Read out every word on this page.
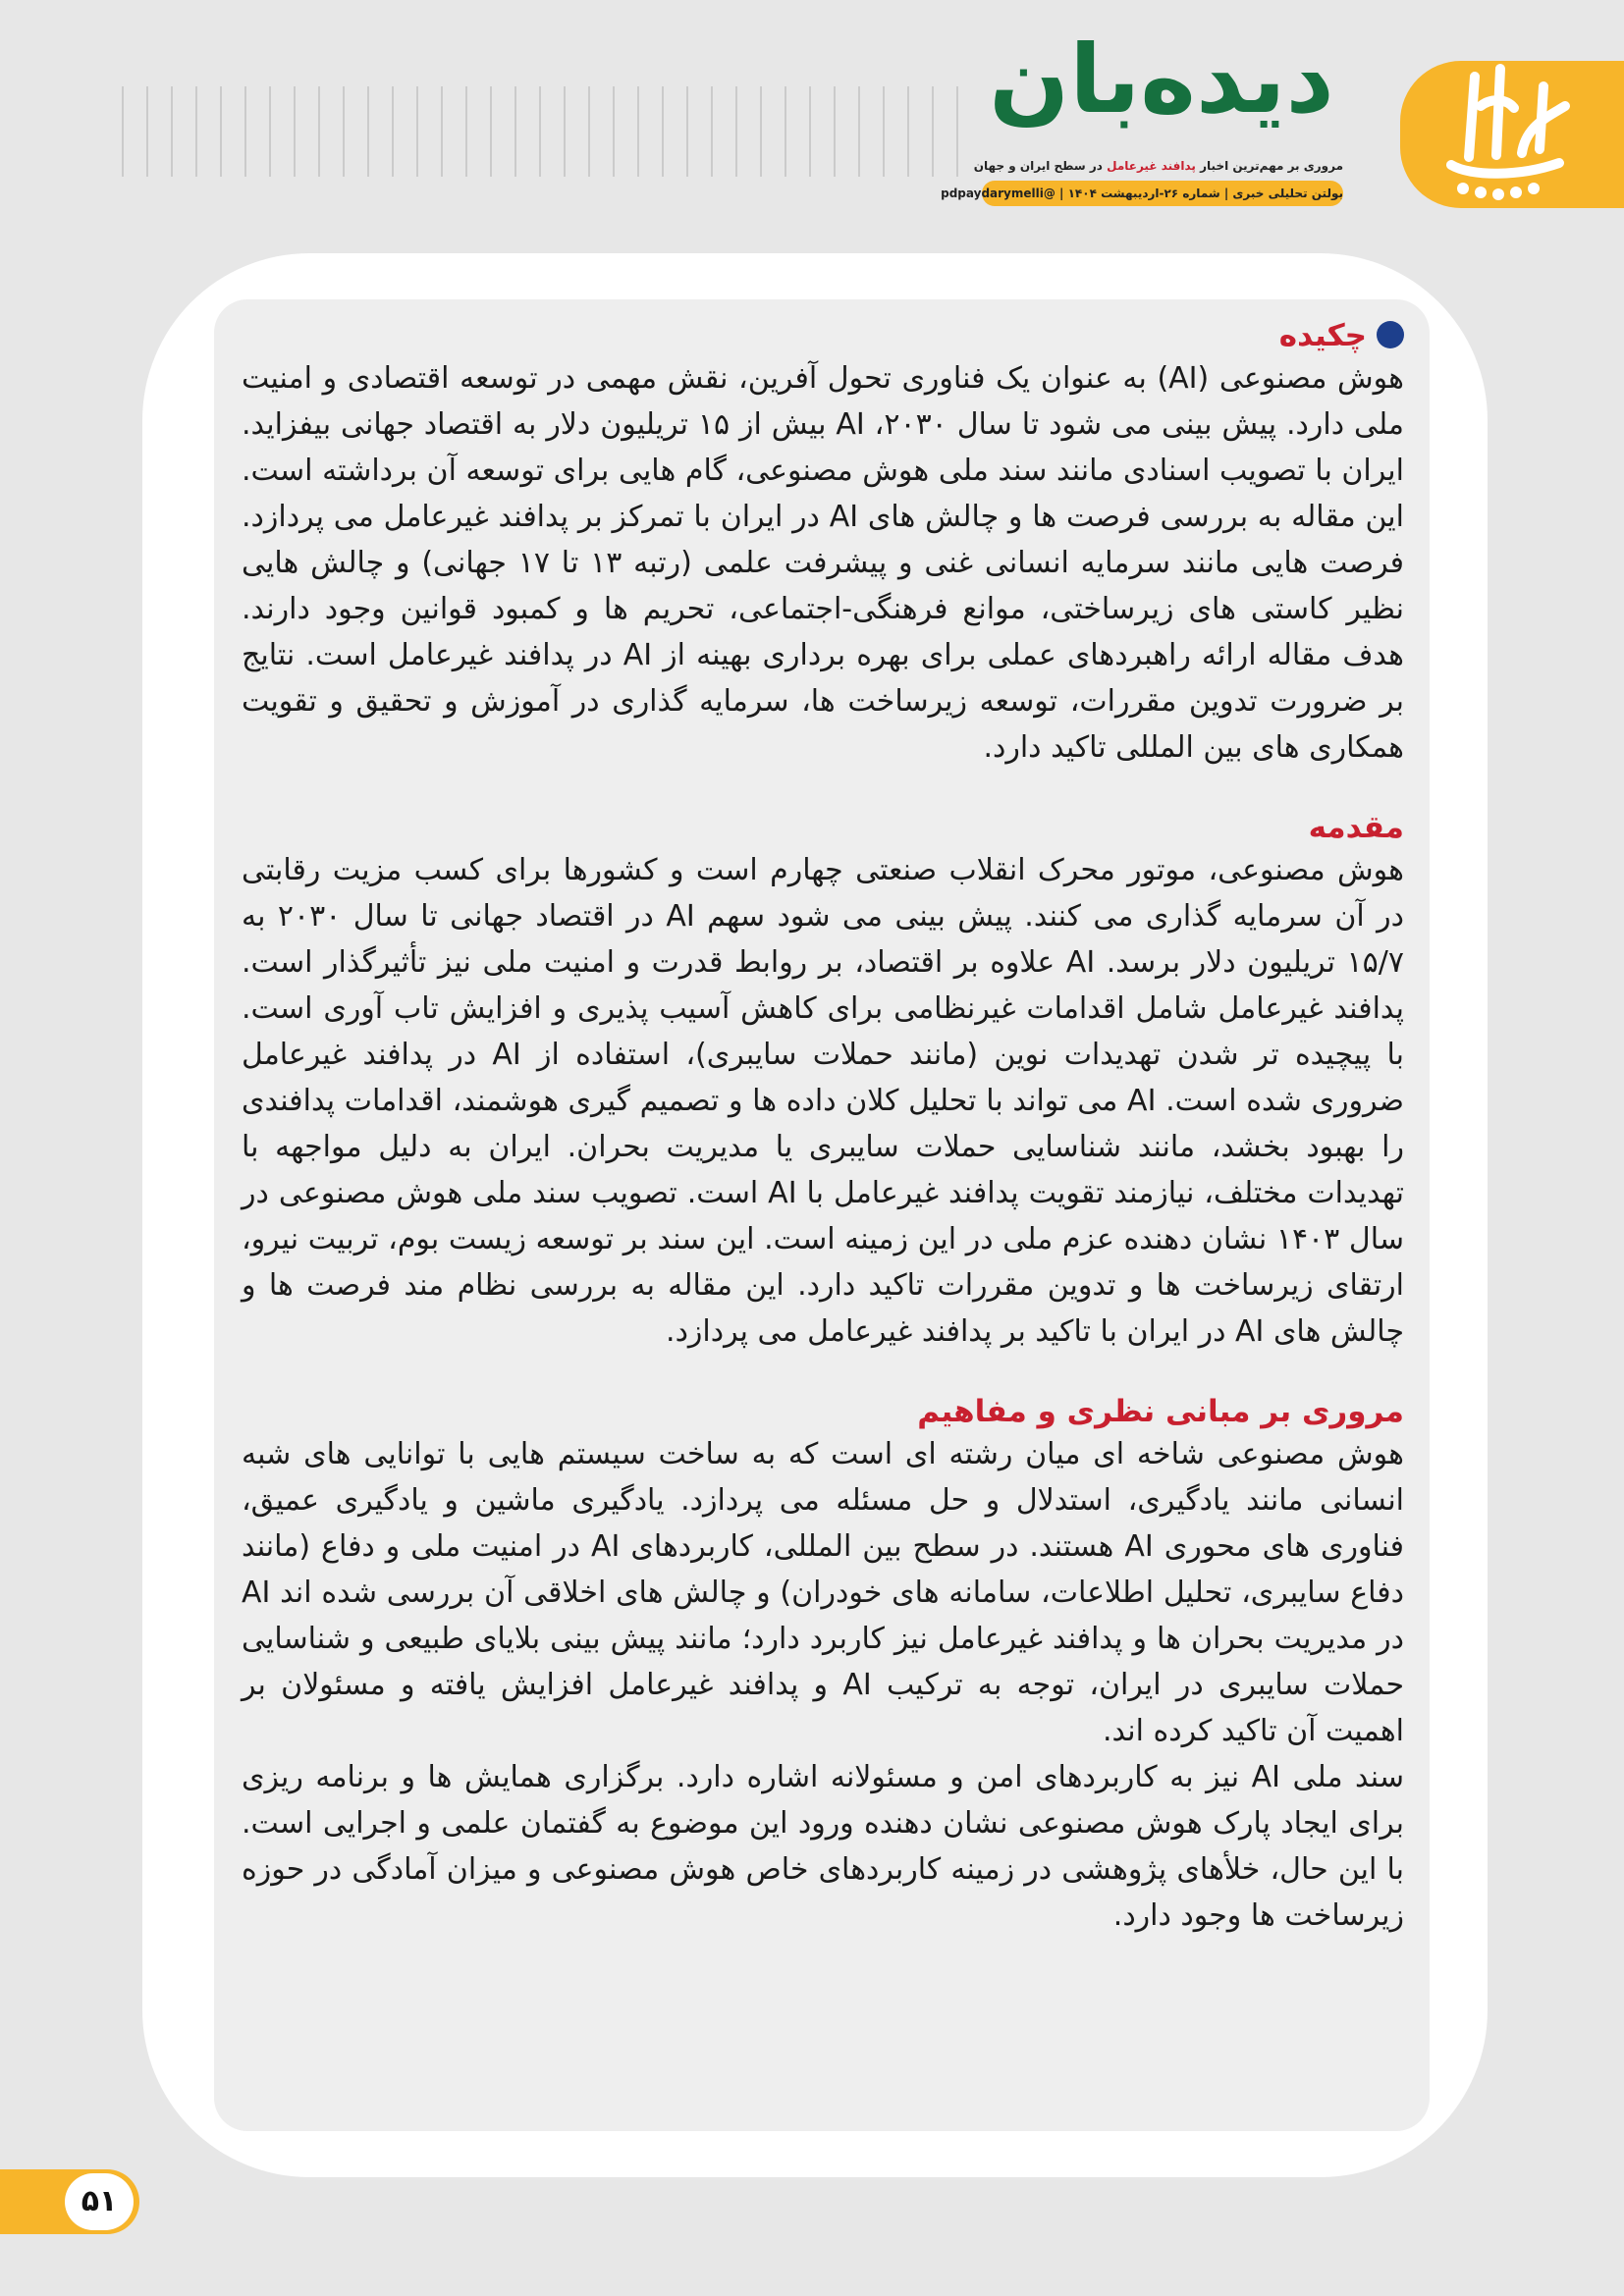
دیده‌بان
مروری بر مهم‌ترین اخبار پدافند غیرعامل در سطح ایران و جهان
بولتن تحلیلی خبری | شماره ۲۶-اردیبهشت ۱۴۰۴ | @pdpaydarymelli
چکیده

هوش مصنوعی (AI) به عنوان یک فناوری تحول آفرین، نقش مهمی در توسعه اقتصادی و امنیت ملی دارد. پیش بینی می شود تا سال ۲۰۳۰، AI بیش از ۱۵ تریلیون دلار به اقتصاد جهانی بیفزاید. ایران با تصویب اسنادی مانند سند ملی هوش مصنوعی، گام هایی برای توسعه آن برداشته است. این مقاله به بررسی فرصت ها و چالش های AI در ایران با تمرکز بر پدافند غیرعامل می پردازد. فرصت هایی مانند سرمایه انسانی غنی و پیشرفت علمی (رتبه ۱۳ تا ۱۷ جهانی) و چالش هایی نظیر کاستی های زیرساختی، موانع فرهنگی-اجتماعی، تحریم ها و کمبود قوانین وجود دارند. هدف مقاله ارائه راهبردهای عملی برای بهره برداری بهینه از AI در پدافند غیرعامل است. نتایج بر ضرورت تدوین مقررات، توسعه زیرساخت ها، سرمایه گذاری در آموزش و تحقیق و تقویت همکاری های بین المللی تاکید دارد.

مقدمه

هوش مصنوعی، موتور محرک انقلاب صنعتی چهارم است و کشورها برای کسب مزیت رقابتی در آن سرمایه گذاری می کنند. پیش بینی می شود سهم AI در اقتصاد جهانی تا سال ۲۰۳۰ به ۱۵/۷ تریلیون دلار برسد. AI علاوه بر اقتصاد، بر روابط قدرت و امنیت ملی نیز تأثیرگذار است. پدافند غیرعامل شامل اقدامات غیرنظامی برای کاهش آسیب پذیری و افزایش تاب آوری است. با پیچیده تر شدن تهدیدات نوین (مانند حملات سایبری)، استفاده از AI در پدافند غیرعامل ضروری شده است. AI می تواند با تحلیل کلان داده ها و تصمیم گیری هوشمند، اقدامات پدافندی را بهبود بخشد، مانند شناسایی حملات سایبری یا مدیریت بحران. ایران به دلیل مواجهه با تهدیدات مختلف، نیازمند تقویت پدافند غیرعامل با AI است. تصویب سند ملی هوش مصنوعی در سال ۱۴۰۳ نشان دهنده عزم ملی در این زمینه است. این سند بر توسعه زیست بوم، تربیت نیرو، ارتقای زیرساخت ها و تدوین مقررات تاکید دارد. این مقاله به بررسی نظام مند فرصت ها و چالش های AI در ایران با تاکید بر پدافند غیرعامل می پردازد.

مروری بر مبانی نظری و مفاهیم

هوش مصنوعی شاخه ای میان رشته ای است که به ساخت سیستم هایی با توانایی های شبه انسانی مانند یادگیری، استدلال و حل مسئله می پردازد. یادگیری ماشین و یادگیری عمیق، فناوری های محوری AI هستند. در سطح بین المللی، کاربردهای AI در امنیت ملی و دفاع (مانند دفاع سایبری، تحلیل اطلاعات، سامانه های خودران) و چالش های اخلاقی آن بررسی شده اند AI در مدیریت بحران ها و پدافند غیرعامل نیز کاربرد دارد؛ مانند پیش بینی بلایای طبیعی و شناسایی حملات سایبری در ایران، توجه به ترکیب AI و پدافند غیرعامل افزایش یافته و مسئولان بر اهمیت آن تاکید کرده اند.

سند ملی AI نیز به کاربردهای امن و مسئولانه اشاره دارد. برگزاری همایش ها و برنامه ریزی برای ایجاد پارک هوش مصنوعی نشان دهنده ورود این موضوع به گفتمان علمی و اجرایی است. با این حال، خلأهای پژوهشی در زمینه کاربردهای خاص هوش مصنوعی و میزان آمادگی در حوزه زیرساخت ها وجود دارد.

۵۱
